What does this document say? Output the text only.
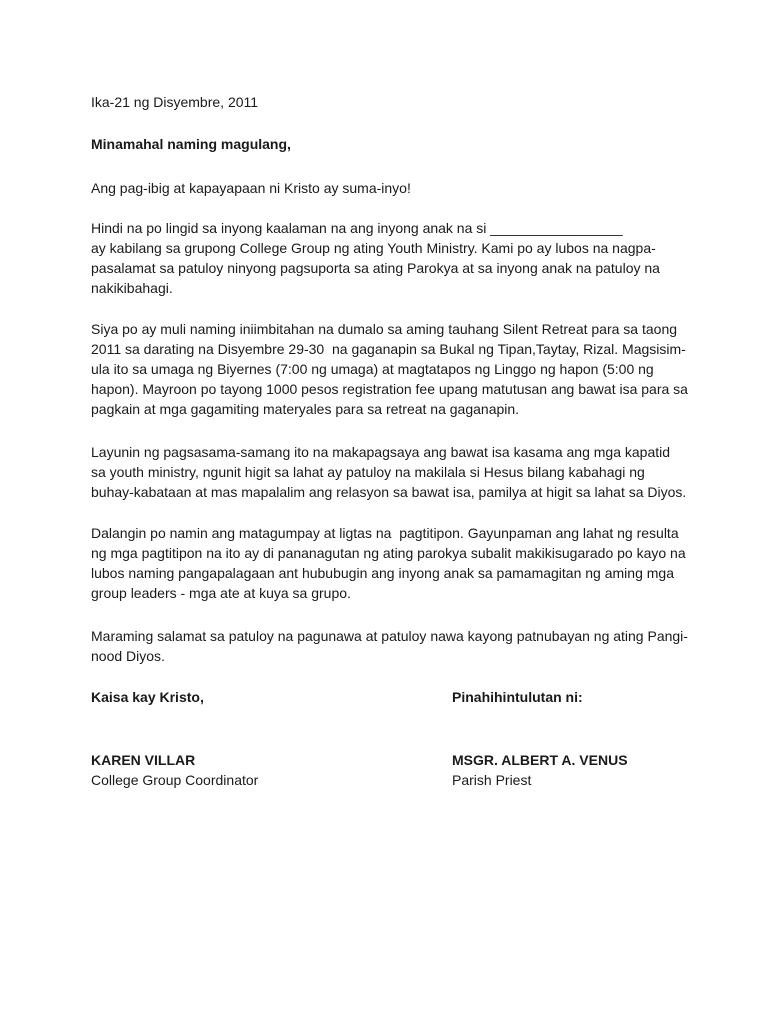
Ika-21 ng Disyembre, 2011

Minamahal naming magulang,

Ang pag-ibig at kapayapaan ni Kristo ay suma-inyo!

Hindi na po lingid sa inyong kaalaman na ang inyong anak na si _________________

ay kabilang sa grupong College Group ng ating Youth Ministry. Kami po ay lubos na nagpa-

pasalamat sa patuloy ninyong pagsuporta sa ating Parokya at sa inyong anak na patuloy na

nakikibahagi.

Siya po ay muli naming iniimbitahan na dumalo sa aming tauhang Silent Retreat para sa taong

2011 sa darating na Disyembre 29-30  na gaganapin sa Bukal ng Tipan,Taytay, Rizal. Magsisim-

ula ito sa umaga ng Biyernes (7:00 ng umaga) at magtatapos ng Linggo ng hapon (5:00 ng

hapon). Mayroon po tayong 1000 pesos registration fee upang matutusan ang bawat isa para sa

pagkain at mga gagamiting materyales para sa retreat na gaganapin.

Layunin ng pagsasama-samang ito na makapagsaya ang bawat isa kasama ang mga kapatid

sa youth ministry, ngunit higit sa lahat ay patuloy na makilala si Hesus bilang kabahagi ng

buhay-kabataan at mas mapalalim ang relasyon sa bawat isa, pamilya at higit sa lahat sa Diyos.

Dalangin po namin ang matagumpay at ligtas na  pagtitipon. Gayunpaman ang lahat ng resulta

ng mga pagtitipon na ito ay di pananagutan ng ating parokya subalit makikisugarado po kayo na

lubos naming pangapalagaan ant hububugin ang inyong anak sa pamamagitan ng aming mga

group leaders - mga ate at kuya sa grupo.

Maraming salamat sa patuloy na pagunawa at patuloy nawa kayong patnubayan ng ating Pangi-

nood Diyos.

Kaisa kay Kristo,	Pinahihintulutan ni:

KAREN VILLAR

College Group Coordinator

MSGR. ALBERT A. VENUS

Parish Priest
